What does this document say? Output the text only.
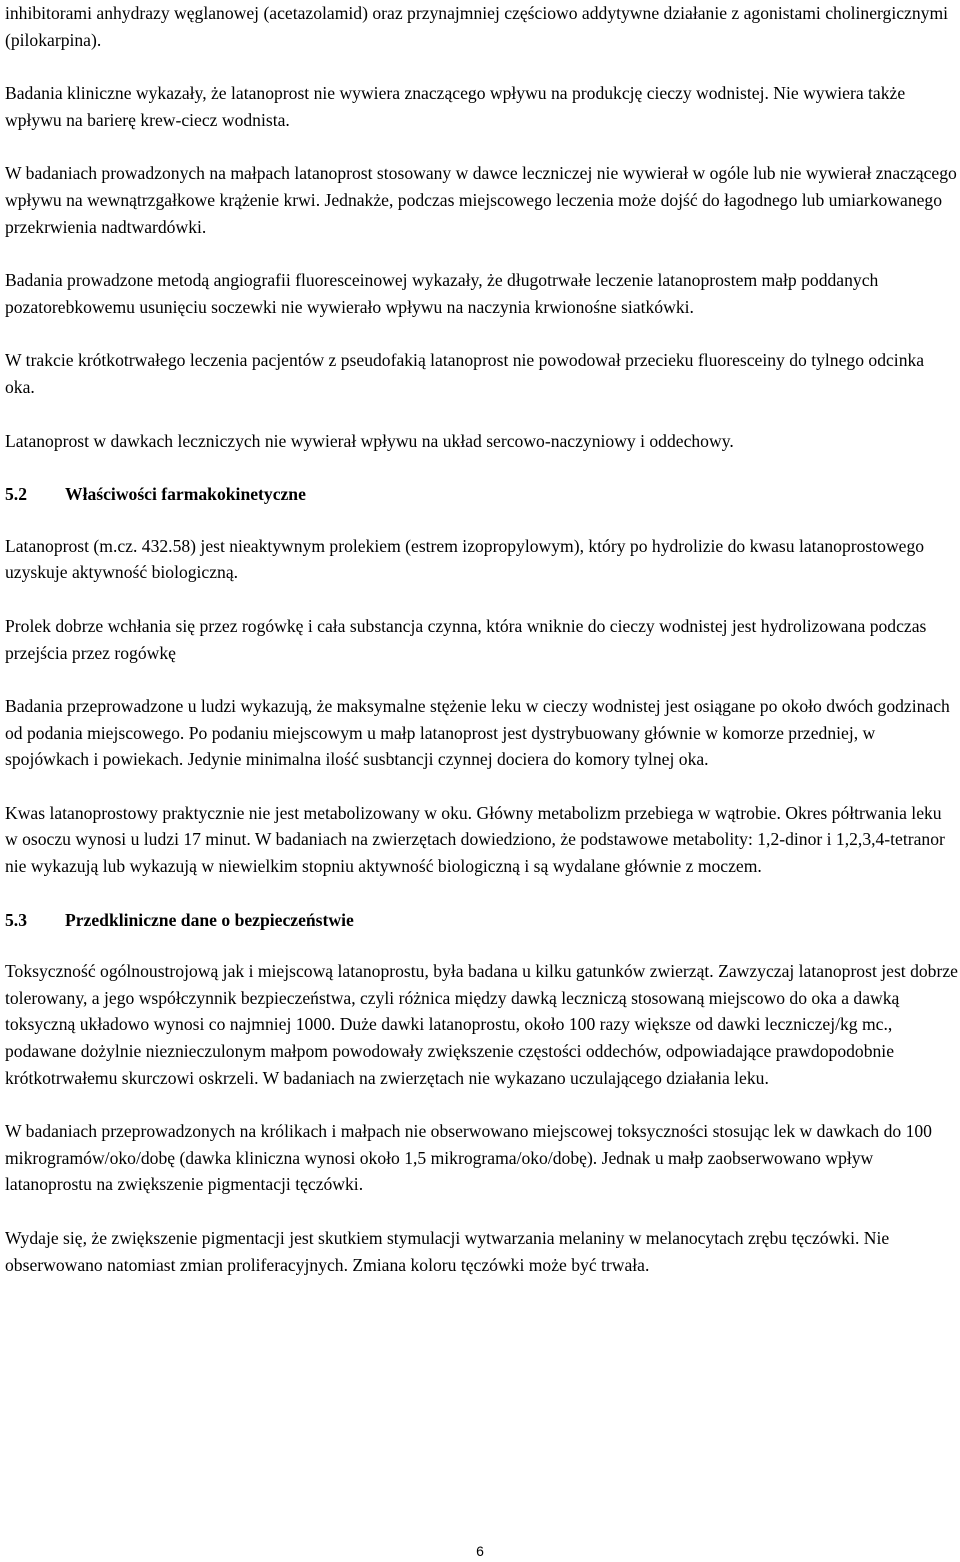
inhibitorami anhydrazy węglanowej (acetazolamid) oraz przynajmniej częściowo addytywne działanie z agonistami cholinergicznymi (pilokarpina).

Badania kliniczne wykazały, że latanoprost nie wywiera znaczącego wpływu na produkcję cieczy wodnistej. Nie wywiera także wpływu na barierę krew-ciecz wodnista.

W badaniach prowadzonych na małpach latanoprost stosowany w dawce leczniczej nie wywierał w ogóle lub nie wywierał znaczącego wpływu na wewnątrzgałkowe krążenie krwi. Jednakże, podczas miejscowego leczenia może dojść do łagodnego lub umiarkowanego przekrwienia nadtwardówki.

Badania prowadzone metodą angiografii fluoresceinowej wykazały, że długotrwałe leczenie latanoprostem małp poddanych pozatorebkowemu usunięciu soczewki nie wywierało wpływu na naczynia krwionośne siatkówki.

W trakcie krótkotrwałego leczenia pacjentów z pseudofakią latanoprost nie powodował przecieku fluoresceiny do tylnego odcinka oka.

Latanoprost w dawkach leczniczych nie wywierał wpływu na układ sercowo-naczyniowy i oddechowy.

5.2 Właściwości farmakokinetyczne

Latanoprost (m.cz. 432.58) jest nieaktywnym prolekiem (estrem izopropylowym), który po hydrolizie do kwasu latanoprostowego uzyskuje aktywność biologiczną.

Prolek dobrze wchłania się przez rogówkę i cała substancja czynna, która wniknie do cieczy wodnistej jest hydrolizowana podczas przejścia przez rogówkę

Badania przeprowadzone u ludzi wykazują, że maksymalne stężenie leku w cieczy wodnistej jest osiągane po około dwóch godzinach od podania miejscowego. Po podaniu miejscowym u małp latanoprost jest dystrybuowany głównie w komorze przedniej, w spojówkach i powiekach. Jedynie minimalna ilość susbtancji czynnej dociera do komory tylnej oka.

Kwas latanoprostowy praktycznie nie jest metabolizowany w oku. Główny metabolizm przebiega w wątrobie. Okres półtrwania leku w osoczu wynosi u ludzi 17 minut. W badaniach na zwierzętach dowiedziono, że podstawowe metabolity: 1,2-dinor i 1,2,3,4-tetranor nie wykazują lub wykazują w niewielkim stopniu aktywność biologiczną i są wydalane głównie z moczem.

5.3 Przedkliniczne dane o bezpieczeństwie

Toksyczność ogólnoustrojową jak i miejscową latanoprostu, była badana u kilku gatunków zwierząt. Zawzyczaj latanoprost jest dobrze tolerowany, a jego współczynnik bezpieczeństwa, czyli różnica między dawką leczniczą stosowaną miejscowo do oka a dawką toksyczną układowo wynosi co najmniej 1000. Duże dawki latanoprostu, około 100 razy większe od dawki leczniczej/kg mc., podawane dożylnie nieznieczulonym małpom powodowały zwiększenie częstości oddechów, odpowiadające prawdopodobnie krótkotrwałemu skurczowi oskrzeli. W badaniach na zwierzętach nie wykazano uczulającego działania leku.

W badaniach przeprowadzonych na królikach i małpach nie obserwowano miejscowej toksyczności stosując lek w dawkach do 100 mikrogramów/oko/dobę (dawka kliniczna wynosi około 1,5 mikrograma/oko/dobę). Jednak u małp zaobserwowano wpływ latanoprostu na zwiększenie pigmentacji tęczówki.

Wydaje się, że zwiększenie pigmentacji jest skutkiem stymulacji wytwarzania melaniny w melanocytach zrębu tęczówki. Nie obserwowano natomiast zmian proliferacyjnych. Zmiana koloru tęczówki może być trwała.

6
